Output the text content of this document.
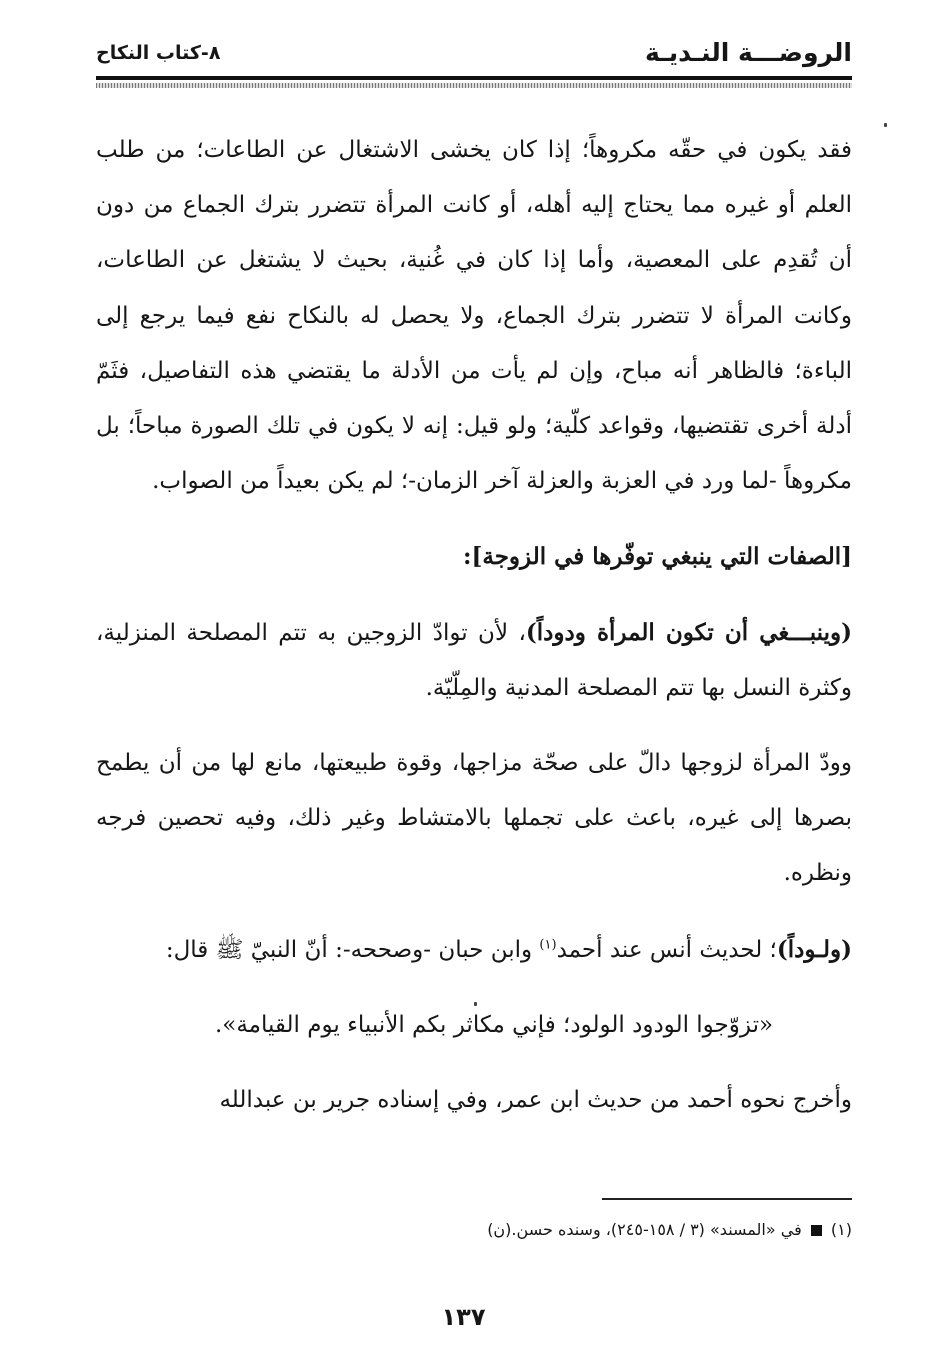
الروضـــة النـديـة
٨-كتاب النكاح

فقد يكون في حقّه مكروهاً؛ إذا كان يخشى الاشتغال عن الطاعات؛ من طلب العلم أو غيره مما يحتاج إليه أهله، أو كانت المرأة تتضرر بترك الجماع من دون أن تُقدِم على المعصية، وأما إذا كان في غُنية، بحيث لا يشتغل عن الطاعات، وكانت المرأة لا تتضرر بترك الجماع، ولا يحصل له بالنكاح نفع فيما يرجع إلى الباءة؛ فالظاهر أنه مباح، وإن لم يأت من الأدلة ما يقتضي هذه التفاصيل، فثَمّ أدلة أخرى تقتضيها، وقواعد كلّية؛ ولو قيل: إنه لا يكون في تلك الصورة مباحاً؛ بل مكروهاً -لما ورد في العزبة والعزلة آخر الزمان-؛ لم يكن بعيداً من الصواب.

[الصفات التي ينبغي توفّرها في الزوجة]:

(وينبـــغي أن تكون المرأة ودوداً)، لأن توادّ الزوجين به تتم المصلحة المنزلية، وكثرة النسل بها تتم المصلحة المدنية والمِلّيّة.

وودّ المرأة لزوجها دالّ على صحّة مزاجها، وقوة طبيعتها، مانع لها من أن يطمح بصرها إلى غيره، باعث على تجملها بالامتشاط وغير ذلك، وفيه تحصين فرجه ونظره.

(ولـوداً)؛ لحديث أنس عند أحمد$^{(١)}$ وابن حبان -وصححه-: أنّ النبيّ ﷺ قال:

«تزوّجوا الودود الولود؛ فإني مكاثر بكم الأنبياء يوم القيامة».

وأخرج نحوه أحمد من حديث ابن عمر، وفي إسناده جرير بن عبدالله

(١)  في «المسند» (٣ / ١٥٨-٢٤٥)، وسنده حسن.(ن)
١٣٧
